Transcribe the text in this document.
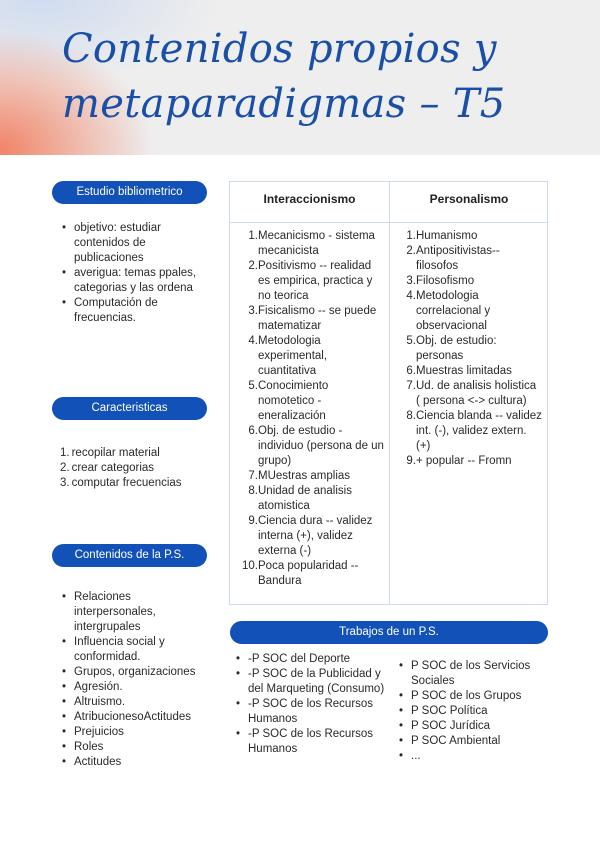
Contenidos propios y
metaparadigmas – T5
Estudio bibliometrico
• objetivo: estudiar contenidos de publicaciones
• averigua: temas ppales, categorias y las ordena
• Computación de frecuencias.
Caracteristicas
1. recopilar material
2. crear categorias
3. computar frecuencias
Contenidos de la P.S.
• Relaciones interpersonales, intergrupales
• Influencia social y conformidad.
• Grupos, organizaciones
• Agresión.
• Altruismo.
• AtribucionesoActitudes
• Prejuicios
• Roles
• Actitudes
Interaccionismo	Personalismo
1. Mecanicismo - sistema mecanicista
2. Positivismo -- realidad es empirica, practica y no teorica
3. Fisicalismo -- se puede matematizar
4. Metodologia experimental, cuantitativa
5. Conocimiento nomotetico - eneralización
6. Obj. de estudio - individuo (persona de un grupo)
7. MUestras amplias
8. Unidad de analisis atomistica
9. Ciencia dura -- validez interna (+), validez externa (-)
10. Poca popularidad -- Bandura
1. Humanismo
2. Antipositivistas-- filosofos
3. Filosofismo
4. Metodologia correlacional y observacional
5. Obj. de estudio: personas
6. Muestras limitadas
7. Ud. de analisis holistica ( persona <-> cultura)
8. Ciencia blanda -- validez int. (-), validez extern. (+)
9. + popular -- Fromn
Trabajos de un P.S.
• -P SOC del Deporte
• -P SOC de la Publicidad y del Marqueting (Consumo)
• -P SOC de los Recursos Humanos
• -P SOC de los Recursos Humanos
• P SOC de los Servicios Sociales
• P SOC de los Grupos
• P SOC Política
• P SOC Jurídica
• P SOC Ambiental
• ...
